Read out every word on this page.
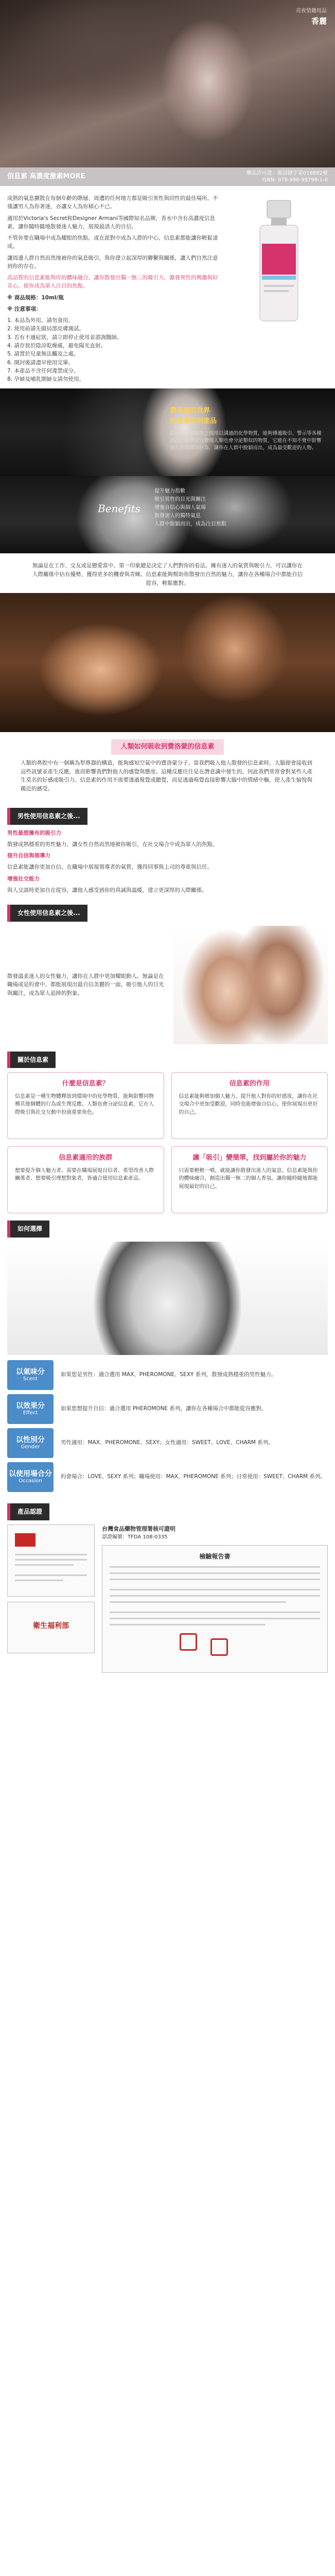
亮夜情趣用品
香麗
信息素 高濃度激素MORE	藥品許可證：衛部健字第018882號
ISBN: 978-986-99798-1-0

成熟的氣息擴散在每個年齡的階層，周遭的任何地方都是吸引異性與同性的最佳場所。不僅讓男人為你著迷，亦讓女人為你傾心不已。

適用於Victoria's Secret和Designer Armani等國際知名品牌，香水中含有高濃度信息素，讓你隨時隨地散發迷人魅力，展現最誘人的自信。

不管你要在職場中成為耀眼的焦點，或在派對中成為人群的中心，信息素都能讓你輕鬆達成。

讓周邊人群自然而然地被你的氣息吸引，與你建立起深厚的聯繫與關係，讓人們自然注意到你的存在。

高品質的信息素能與你的體味融合，讓你散發出獨一無二的吸引力，激發異性的興趣與好奇心，使你成為眾人注目的焦點。

※ 商品規格：10ml/瓶

※ 注意事項：

1. 本品為外用，請勿食用。
2. 使用前請先做局部皮膚測試。
3. 若有不適症狀，請立即停止使用並諮詢醫師。
4. 請存放於陰涼乾燥處，避免陽光直射。
5. 請置於兒童無法觸及之處。
6. 開封後請盡早使用完畢。
7. 本產品不含任何違禁成分。
8. 孕婦及哺乳期婦女請勿使用。
費洛蒙的世界
信息素系列產品
信息素是種動物之間用以溝通的化學物質，能夠傳遞吸引、警示等各種訊息。科學研究發現人類也會分泌類似的物質，它能在不知不覺中影響他人的情緒與行為，讓你在人群中脫穎而出，成為最受歡迎的人物。
Benefits
提升魅力指數
吸引異性的目光與關注
增強自信心與個人氣場
散發迷人的獨特氣息
人群中脫穎而出，成為注目焦點
無論是在工作、交友或是戀愛當中，第一印象總是決定了人們對你的看法。擁有迷人的氣質與吸引力，可以讓你在人際關係中佔有優勢，獲得更多的機會與青睞。信息素能夠幫助你散發出自然的魅力，讓你在各種場合中都能自信從容，輕鬆應對。
人類如何吸收到費洛蒙的信息素
人類的鼻腔中有一個稱為犁鼻器的構造，能夠感知空氣中的費洛蒙分子。當我們吸入他人散發的信息素時，大腦便會接收到這些訊號並產生反應，進而影響我們對他人的感覺與態度。這種反應往往是在潛意識中發生的，因此我們常常會對某些人產生莫名的好感或吸引力。信息素的作用不需要透過視覺或聽覺，而是透過嗅覺直接影響大腦中的情緒中樞，使人產生愉悅與親近的感受。
男性使用信息素之後...

男性最想擁有的吸引力

散發成熟穩重的男性魅力，讓女性自然而然地被你吸引，在社交場合中成為眾人的焦點。

提升自信與領導力

信息素能讓你更加自信，在職場中展現領導者的氣質，獲得同事與上司的尊重與信任。

增強社交能力

與人交談時更加自在從容，讓他人感受到你的真誠與溫暖，建立更深厚的人際關係。

女性使用信息素之後...
散發溫柔迷人的女性魅力，讓你在人群中更加耀眼動人。無論是在職場或是約會中，都能展現出最自信美麗的一面，吸引他人的目光與關注，成為眾人追捧的對象。
關於信息素
什麼是信息素？
信息素是一種生物體釋放到環境中的化學物質，能夠影響同物種其他個體的行為或生理反應。人類也會分泌信息素，它在人際吸引與社交互動中扮演重要角色。
信息素的作用
信息素能夠增加個人魅力，提升他人對你的好感度，讓你在社交場合中更加受歡迎，同時也能增強自信心，使你展現出更好的自己。
信息素適用的族群
想要提升個人魅力者、需要在職場展現自信者、希望改善人際關係者、想要吸引理想對象者，皆適合使用信息素產品。
讓「吸引」變簡單，找到屬於你的魅力
只需要輕輕一噴，就能讓你散發出迷人的氣息。信息素能與你的體味融合，創造出獨一無二的個人香氛，讓你隨時隨地都能展現最好的自己。
如何選擇
以氣味分
Scent
如果您是男性：適合選用 MAX、PHEROMONE、SEXY 系列，散發成熟穩重的男性魅力。
以效果分
Effect
如果您想提升自信：適合選用 PHEROMONE 系列，讓你在各種場合中都能從容應對。
以性別分
Gender
男性適用：MAX、PHEROMONE、SEXY；女性適用：SWEET、LOVE、CHARM 系列。
以使用場合分
Occasion
約會場合：LOVE、SEXY 系列；職場使用：MAX、PHEROMONE 系列；日常使用：SWEET、CHARM 系列。
產品認證
衛生福利部
台灣食品藥物管理署核可證明
認證編號：TFDA 108-0335
檢驗報告書
